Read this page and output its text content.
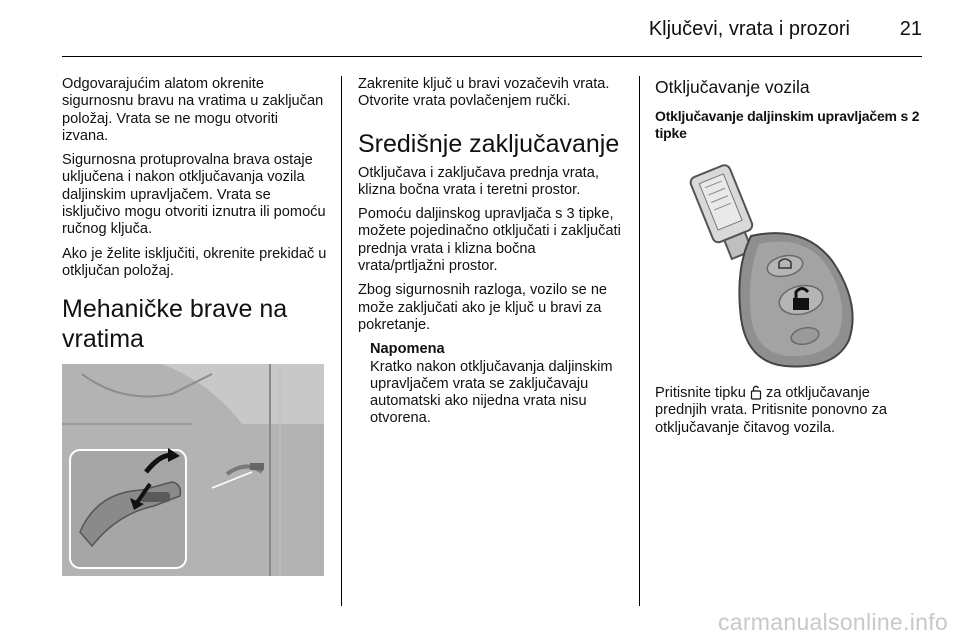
Ključevi, vrata i prozori	21

Odgovarajućim alatom okrenite sigurnosnu bravu na vratima u zaključan položaj. Vrata se ne mogu otvoriti izvana.

Sigurnosna protuprovalna brava ostaje uključena i nakon otključavanja vozila daljinskim upravljačem. Vrata se isključivo mogu otvoriti iznutra ili pomoću ručnog ključa.

Ako je želite isključiti, okrenite prekidač u otključan položaj.

Mehaničke brave na vratima

Zakrenite ključ u bravi vozačevih vrata. Otvorite vrata povlačenjem ručki.

Središnje zaključavanje

Otključava i zaključava prednja vrata, klizna bočna vrata i teretni prostor.

Pomoću daljinskog upravljača s 3 tipke, možete pojedinačno otključati i zaključati prednja vrata i klizna bočna vrata/prtljažni prostor.

Zbog sigurnosnih razloga, vozilo se ne može zaključati ako je ključ u bravi za pokretanje.

Napomena

Kratko nakon otključavanja daljinskim upravljačem vrata se zaključavaju automatski ako nijedna vrata nisu otvorena.

Otključavanje vozila
Otključavanje daljinskim upravljačem s 2 tipke

Pritisnite tipku za otključavanje prednjih vrata. Pritisnite ponovno za otključavanje čitavog vozila.

carmanualsonline.info
